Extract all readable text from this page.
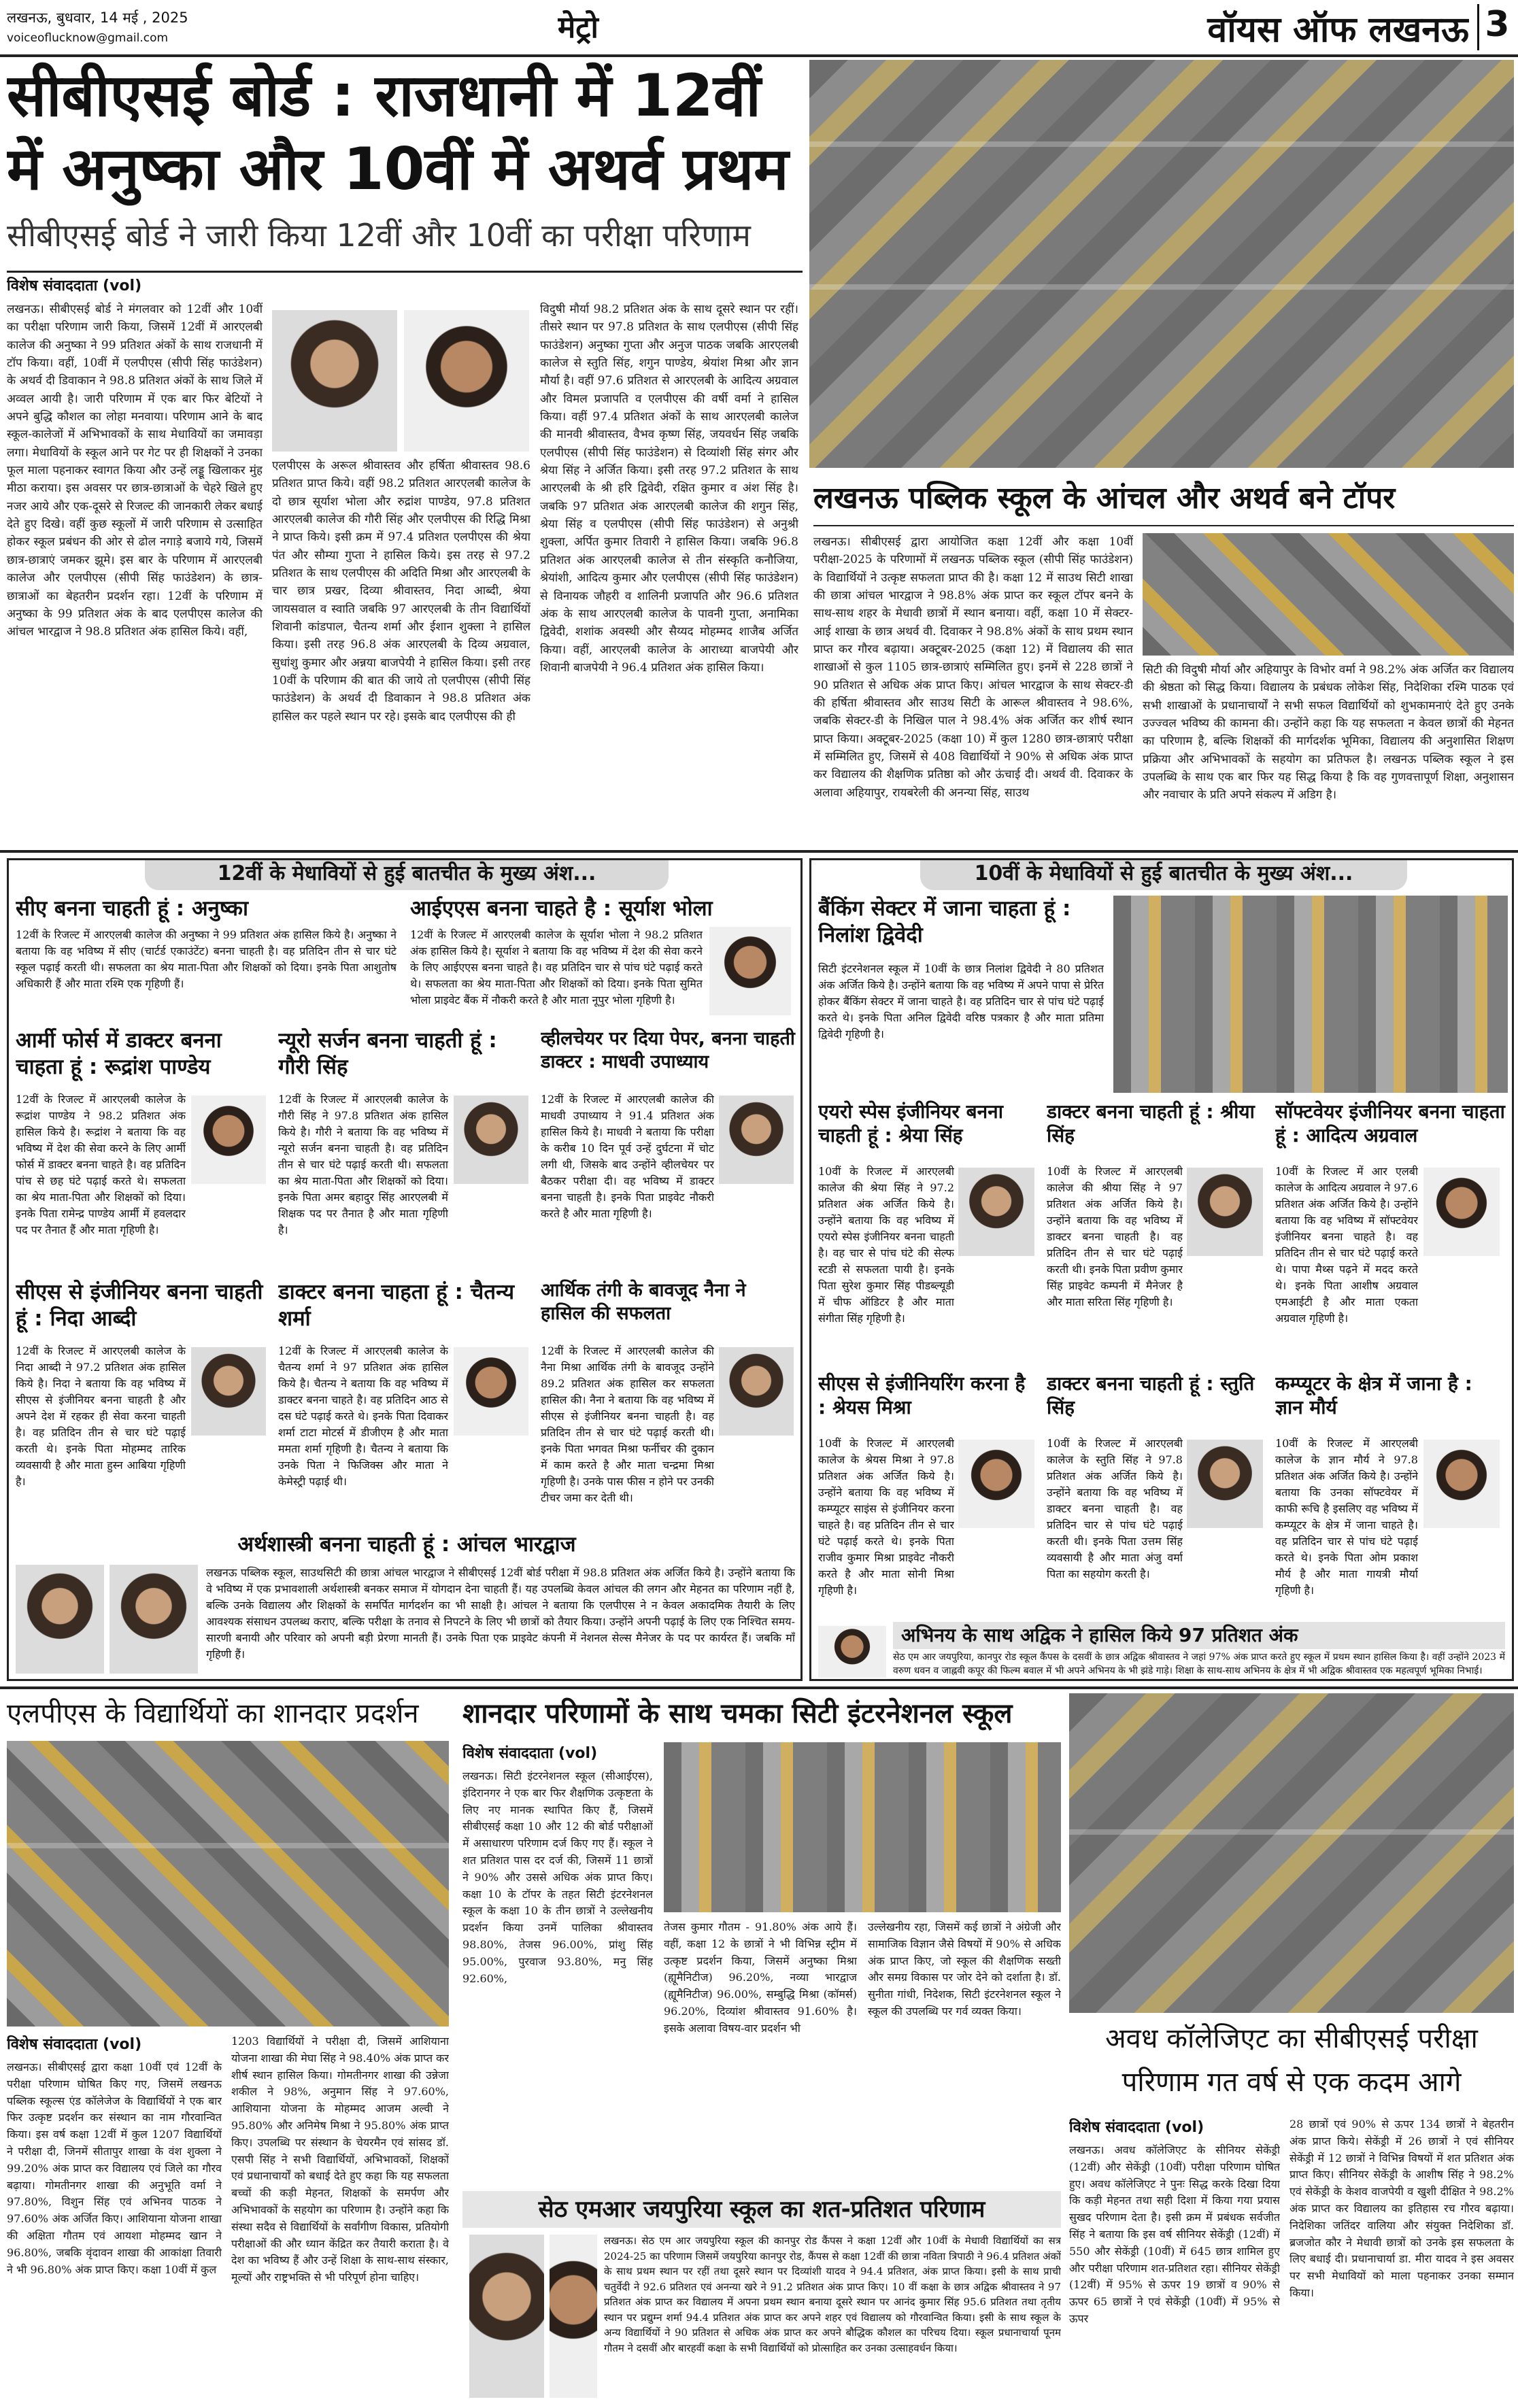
लखनऊ, बुधवार, 14 मई , 2025
voiceoflucknow@gmail.com	मेट्रो	वॉयस ऑफ लखनऊ 3
सीबीएसई बोर्ड : राजधानी में 12वीं
में अनुष्का और 10वीं में अथर्व प्रथम
सीबीएसई बोर्ड ने जारी किया 12वीं और 10वीं का परीक्षा परिणाम
विशेष संवाददाता (vol)
लखनऊ। सीबीएसई बोर्ड ने मंगलवार को 12वीं और 10वीं का परीक्षा परिणाम जारी किया, जिसमें 12वीं में आरएलबी कालेज की अनुष्का ने 99 प्रतिशत अंकों के साथ राजधानी में टॉप किया। वहीं, 10वीं में एलपीएस (सीपी सिंह फाउंडेशन) के अथर्व दी डिवाकान ने 98.8 प्रतिशत अंकों के साथ जिले में अव्वल आयी है। जारी परिणाम में एक बार फिर बेटियों ने अपने बुद्धि कौशल का लोहा मनवाया। परिणाम आने के बाद स्कूल-कालेजों में अभिभावकों के साथ मेधावियों का जमावड़ा लगा। मेधावियों के स्कूल आने पर गेट पर ही शिक्षकों ने उनका फूल माला पहनाकर स्वागत किया और उन्हें लड्डू खिलाकर मुंह मीठा कराया। इस अवसर पर छात्र-छात्राओं के चेहरे खिले हुए नजर आये और एक-दूसरे से रिजल्ट की जानकारी लेकर बधाई देते हुए दिखे। वहीं कुछ स्कूलों में जारी परिणाम से उत्साहित होकर स्कूल प्रबंधन की ओर से ढोल नगाड़े बजाये गये, जिसमें छात्र-छात्राएं जमकर झूमे। इस बार के परिणाम में आरएलबी कालेज और एलपीएस (सीपी सिंह फाउंडेशन) के छात्र-छात्राओं का बेहतरीन प्रदर्शन रहा। 12वीं के परिणाम में अनुष्का के 99 प्रतिशत अंक के बाद एलपीएस कालेज की आंचल भारद्वाज ने 98.8 प्रतिशत अंक हासिल किये। वहीं,
एलपीएस के अरूल श्रीवास्तव और हर्षिता श्रीवास्तव 98.6 प्रतिशत प्राप्त किये। वहीं 98.2 प्रतिशत आरएलबी कालेज के दो छात्र सूर्याश भोला और रुद्रांश पाण्डेय, 97.8 प्रतिशत आरएलबी कालेज की गौरी सिंह और एलपीएस की रिद्धि मिश्रा ने प्राप्त किये। इसी क्रम में 97.4 प्रतिशत एलपीएस की श्रेया पंत और सौम्या गुप्ता ने हासिल किये। इस तरह से 97.2 प्रतिशत के साथ एलपीएस की अदिति मिश्रा और आरएलबी के चार छात्र प्रखर, दिव्या श्रीवास्तव, निदा आब्दी, श्रेया जायसवाल व स्वाति जबकि 97 आरएलबी के तीन विद्यार्थियों शिवानी कांडपाल, चैतन्य शर्मा और ईशान शुक्ला ने हासिल किया। इसी तरह 96.8 अंक आरएलबी के दिव्य अग्रवाल, सुधांशु कुमार और अन्नया बाजपेयी ने हासिल किया। इसी तरह 10वीं के परिणाम की बात की जाये तो एलपीएस (सीपी सिंह फाउंडेशन) के अथर्व दी डिवाकान ने 98.8 प्रतिशत अंक हासिल कर पहले स्थान पर रहे। इसके बाद एलपीएस की ही
विदुषी मौर्या 98.2 प्रतिशत अंक के साथ दूसरे स्थान पर रहीं। तीसरे स्थान पर 97.8 प्रतिशत के साथ एलपीएस (सीपी सिंह फाउंडेशन) अनुष्का गुप्ता और अनुज पाठक जबकि आरएलबी कालेज से स्तुति सिंह, शगुन पाण्डेय, श्रेयांश मिश्रा और ज्ञान मौर्या है। वहीं 97.6 प्रतिशत से आरएलबी के आदित्य अग्रवाल और विमल प्रजापति व एलपीएस की वर्षी वर्मा ने हासिल किया। वहीं 97.4 प्रतिशत अंकों के साथ आरएलबी कालेज की मानवी श्रीवास्तव, वैभव कृष्ण सिंह, जयवर्धन सिंह जबकि एलपीएस (सीपी सिंह फाउंडेशन) से दिव्यांशी सिंह संगर और श्रेया सिंह ने अर्जित किया। इसी तरह 97.2 प्रतिशत के साथ आरएलबी के श्री हरि द्विवेदी, रक्षित कुमार व अंश सिंह है। जबकि 97 प्रतिशत अंक आरएलबी कालेज की शगुन सिंह, श्रेया सिंह व एलपीएस (सीपी सिंह फाउंडेशन) से अनुश्री शुक्ला, अर्पित कुमार तिवारी ने हासिल किया। जबकि 96.8 प्रतिशत अंक आरएलबी कालेज से तीन संस्कृति कनौजिया, श्रेयांशी, आदित्य कुमार और एलपीएस (सीपी सिंह फाउंडेशन) से विनायक जौहरी व शालिनी प्रजापति और 96.6 प्रतिशत अंक के साथ आरएलबी कालेज के पावनी गुप्ता, अनामिका द्विवेदी, शशांक अवस्थी और सैय्यद मोहम्मद शाजैब अर्जित किया। वहीं, आरएलबी कालेज के आराध्या बाजपेयी और शिवानी बाजपेयी ने 96.4 प्रतिशत अंक हासिल किया।
लखनऊ पब्लिक स्कूल के आंचल और अथर्व बने टॉपर
लखनऊ। सीबीएसई द्वारा आयोजित कक्षा 12वीं और कक्षा 10वीं परीक्षा-2025 के परिणामों में लखनऊ पब्लिक स्कूल (सीपी सिंह फाउंडेशन) के विद्यार्थियों ने उत्कृष्ट सफलता प्राप्त की है। कक्षा 12 में साउथ सिटी शाखा की छात्रा आंचल भारद्वाज ने 98.8% अंक प्राप्त कर स्कूल टॉपर बनने के साथ-साथ शहर के मेधावी छात्रों में स्थान बनाया। वहीं, कक्षा 10 में सेक्टर-आई शाखा के छात्र अथर्व वी. दिवाकर ने 98.8% अंकों के साथ प्रथम स्थान प्राप्त कर गौरव बढ़ाया। अक्टूबर-2025 (कक्षा 12) में विद्यालय की सात शाखाओं से कुल 1105 छात्र-छात्राएं सम्मिलित हुए। इनमें से 228 छात्रों ने 90 प्रतिशत से अधिक अंक प्राप्त किए। आंचल भारद्वाज के साथ सेक्टर-डी की हर्षिता श्रीवास्तव और साउथ सिटी के आरूल श्रीवास्तव ने 98.6%, जबकि सेक्टर-डी के निखिल पाल ने 98.4% अंक अर्जित कर शीर्ष स्थान प्राप्त किया। अक्टूबर-2025 (कक्षा 10) में कुल 1280 छात्र-छात्राएं परीक्षा में सम्मिलित हुए, जिसमें से 408 विद्यार्थियों ने 90% से अधिक अंक प्राप्त कर विद्यालय की शैक्षणिक प्रतिष्ठा को और ऊंचाई दी। अथर्व वी. दिवाकर के अलावा अहियापुर, रायबरेली की अनन्या सिंह, साउथ
सिटी की विदुषी मौर्या और अहियापुर के विभोर वर्मा ने 98.2% अंक अर्जित कर विद्यालय की श्रेष्ठता को सिद्ध किया। विद्यालय के प्रबंधक लोकेश सिंह, निदेशिका रश्मि पाठक एवं सभी शाखाओं के प्रधानाचार्यों ने सभी सफल विद्यार्थियों को शुभकामनाएं देते हुए उनके उज्ज्वल भविष्य की कामना की। उन्होंने कहा कि यह सफलता न केवल छात्रों की मेहनत का परिणाम है, बल्कि शिक्षकों की मार्गदर्शक भूमिका, विद्यालय की अनुशासित शिक्षण प्रक्रिया और अभिभावकों के सहयोग का प्रतिफल है। लखनऊ पब्लिक स्कूल ने इस उपलब्धि के साथ एक बार फिर यह सिद्ध किया है कि वह गुणवत्तापूर्ण शिक्षा, अनुशासन और नवाचार के प्रति अपने संकल्प में अडिग है।
12वीं के मेधावियों से हुई बातचीत के मुख्य अंश...
सीए बनना चाहती हूं : अनुष्का
12वीं के रिजल्ट में आरएलबी कालेज की अनुष्का ने 99 प्रतिशत अंक हासिल किये है। अनुष्का ने बताया कि वह भविष्य में सीए (चार्टर्ड एकाउंटेंट) बनना चाहती है। वह प्रतिदिन तीन से चार घंटे स्कूल पढ़ाई करती थी। सफलता का श्रेय माता-पिता और शिक्षकों को दिया। इनके पिता आशुतोष अधिकारी हैं और माता रश्मि एक गृहिणी हैं।
आईएएस बनना चाहते है : सूर्याश भोला
12वीं के रिजल्ट में आरएलबी कालेज के सूर्याश भोला ने 98.2 प्रतिशत अंक हासिल किये है। सूर्याश ने बताया कि वह भविष्य में देश की सेवा करने के लिए आईएएस बनना चाहते है। वह प्रतिदिन चार से पांच घंटे पढ़ाई करते थे। सफलता का श्रेय माता-पिता और शिक्षकों को दिया। इनके पिता सुमित भोला प्राइवेट बैंक में नौकरी करते है और माता नूपुर भोला गृहिणी है।
आर्मी फोर्स में डाक्टर बनना चाहता हूं : रूद्रांश पाण्डेय
12वीं के रिजल्ट में आरएलबी कालेज के रूद्रांश पाण्डेय ने 98.2 प्रतिशत अंक हासिल किये है। रूद्रांश ने बताया कि वह भविष्य में देश की सेवा करने के लिए आर्मी फोर्स में डाक्टर बनना चाहते है। वह प्रतिदिन पांच से छह घंटे पढ़ाई करते थे। सफलता का श्रेय माता-पिता और शिक्षकों को दिया। इनके पिता रामेन्द्र पाण्डेय आर्मी में हवलदार पद पर तैनात हैं और माता गृहिणी है।
न्यूरो सर्जन बनना चाहती हूं : गौरी सिंह
12वीं के रिजल्ट में आरएलबी कालेज के गौरी सिंह ने 97.8 प्रतिशत अंक हासिल किये है। गौरी ने बताया कि वह भविष्य में न्यूरो सर्जन बनना चाहती है। वह प्रतिदिन तीन से चार घंटे पढ़ाई करती थी। सफलता का श्रेय माता-पिता और शिक्षकों को दिया। इनके पिता अमर बहादुर सिंह आरएलबी में शिक्षक पद पर तैनात है और माता गृहिणी है।
व्हीलचेयर पर दिया पेपर, बनना चाहती डाक्टर : माधवी उपाध्याय
12वीं के रिजल्ट में आरएलबी कालेज की माधवी उपाध्याय ने 91.4 प्रतिशत अंक हासिल किये है। माधवी ने बताया कि परीक्षा के करीब 10 दिन पूर्व उन्हें दुर्घटना में चोट लगी थी, जिसके बाद उन्होंने व्हीलचेयर पर बैठकर परीक्षा दी। वह भविष्य में डाक्टर बनना चाहती है। इनके पिता प्राइवेट नौकरी करते है और माता गृहिणी है।
सीएस से इंजीनियर बनना चाहती हूं : निदा आब्दी
12वीं के रिजल्ट में आरएलबी कालेज के निदा आब्दी ने 97.2 प्रतिशत अंक हासिल किये है। निदा ने बताया कि वह भविष्य में सीएस से इंजीनियर बनना चाहती है और अपने देश में रहकर ही सेवा करना चाहती है। वह प्रतिदिन तीन से चार घंटे पढ़ाई करती थे। इनके पिता मोहम्मद तारिक व्यवसायी है और माता हुस्न आबिया गृहिणी है।
डाक्टर बनना चाहता हूं : चैतन्य शर्मा
12वीं के रिजल्ट में आरएलबी कालेज के चैतन्य शर्मा ने 97 प्रतिशत अंक हासिल किये है। चैतन्य ने बताया कि वह भविष्य में डाक्टर बनना चाहते है। वह प्रतिदिन आठ से दस घंटे पढ़ाई करते थे। इनके पिता दिवाकर शर्मा टाटा मोटर्स में डीजीएम है और माता ममता शर्मा गृहिणी है। चैतन्य ने बताया कि उनके पिता ने फिजिक्स और माता ने केमेस्ट्री पढ़ाई थी।
आर्थिक तंगी के बावजूद नैना ने हासिल की सफलता
12वीं के रिजल्ट में आरएलबी कालेज की नैना मिश्रा आर्थिक तंगी के बावजूद उन्होंने 89.2 प्रतिशत अंक हासिल कर सफलता हासिल की। नैना ने बताया कि वह भविष्य में सीएस से इंजीनियर बनना चाहती है। वह प्रतिदिन तीन से चार घंटे पढ़ाई करती थी। इनके पिता भगवत मिश्रा फर्नीचर की दुकान में काम करते है और माता चन्द्रमा मिश्रा गृहिणी है। उनके पास फीस न होने पर उनकी टीचर जमा कर देती थी।
अर्थशास्त्री बनना चाहती हूं : आंचल भारद्वाज
लखनऊ पब्लिक स्कूल, साउथसिटी की छात्रा आंचल भारद्वाज ने सीबीएसई 12वीं बोर्ड परीक्षा में 98.8 प्रतिशत अंक अर्जित किये है। उन्होंने बताया कि वे भविष्य में एक प्रभावशाली अर्थशास्त्री बनकर समाज में योगदान देना चाहती हैं। यह उपलब्धि केवल आंचल की लगन और मेहनत का परिणाम नहीं है, बल्कि उनके विद्यालय और शिक्षकों के समर्पित मार्गदर्शन का भी साक्षी है। आंचल ने बताया कि एलपीएस ने न केवल अकादमिक तैयारी के लिए आवश्यक संसाधन उपलब्ध कराए, बल्कि परीक्षा के तनाव से निपटने के लिए भी छात्रों को तैयार किया। उन्होंने अपनी पढ़ाई के लिए एक निश्चित समय-सारणी बनायी और परिवार को अपनी बड़ी प्रेरणा मानती हैं। उनके पिता एक प्राइवेट कंपनी में नेशनल सेल्स मैनेजर के पद पर कार्यरत हैं। जबकि माँ गृहिणी हैं।
10वीं के मेधावियों से हुई बातचीत के मुख्य अंश...
बैंकिंग सेक्टर में जाना चाहता हूं : निलांश द्विवेदी
सिटी इंटरनेशनल स्कूल में 10वीं के छात्र निलांश द्विवेदी ने 80 प्रतिशत अंक अर्जित किये है। उन्होंने बताया कि वह भविष्य में अपने पापा से प्रेरित होकर बैंकिंग सेक्टर में जाना चाहते है। वह प्रतिदिन चार से पांच घंटे पढ़ाई करते थे। इनके पिता अनिल द्विवेदी वरिष्ठ पत्रकार है और माता प्रतिमा द्विवेदी गृहिणी है।
एयरो स्पेस इंजीनियर बनना चाहती हूं : श्रेया सिंह
10वीं के रिजल्ट में आरएलबी कालेज की श्रेया सिंह ने 97.2 प्रतिशत अंक अर्जित किये है। उन्होंने बताया कि वह भविष्य में एयरो स्पेस इंजीनियर बनना चाहती है। वह चार से पांच घंटे की सेल्फ स्टडी से सफलता पायी है। इनके पिता सुरेश कुमार सिंह पीडब्ल्यूडी में चीफ ऑडिटर है और माता संगीता सिंह गृहिणी है।
डाक्टर बनना चाहती हूं : श्रीया सिंह
10वीं के रिजल्ट में आरएलबी कालेज की श्रीया सिंह ने 97 प्रतिशत अंक अर्जित किये है। उन्होंने बताया कि वह भविष्य में डाक्टर बनना चाहती है। वह प्रतिदिन तीन से चार घंटे पढ़ाई करती थी। इनके पिता प्रवीण कुमार सिंह प्राइवेट कम्पनी में मैनेजर है और माता सरिता सिंह गृहिणी है।
सॉफ्टवेयर इंजीनियर बनना चाहता हूं : आदित्य अग्रवाल
10वीं के रिजल्ट में आर एलबी कालेज के आदित्य अग्रवाल ने 97.6 प्रतिशत अंक अर्जित किये है। उन्होंने बताया कि वह भविष्य में सॉफ्टवेयर इंजीनियर बनना चाहते है। वह प्रतिदिन तीन से चार घंटे पढ़ाई करते थे। पापा मैथ्स पढ़ने में मदद करते थे। इनके पिता आशीष अग्रवाल एमआईटी है और माता एकता अग्रवाल गृहिणी है।
सीएस से इंजीनियरिंग करना है : श्रेयस मिश्रा
10वीं के रिजल्ट में आरएलबी कालेज के श्रेयस मिश्रा ने 97.8 प्रतिशत अंक अर्जित किये है। उन्होंने बताया कि वह भविष्य में कम्प्यूटर साइंस से इंजीनियर करना चाहते है। वह प्रतिदिन तीन से चार घंटे पढ़ाई करते थे। इनके पिता राजीव कुमार मिश्रा प्राइवेट नौकरी करते है और माता सोनी मिश्रा गृहिणी है।
डाक्टर बनना चाहती हूं : स्तुति सिंह
10वीं के रिजल्ट में आरएलबी कालेज के स्तुति सिंह ने 97.8 प्रतिशत अंक अर्जित किये है। उन्होंने बताया कि वह भविष्य में डाक्टर बनना चाहती है। वह प्रतिदिन चार से पांच घंटे पढ़ाई करती थी। इनके पिता उत्तम सिंह व्यवसायी है और माता अंजु वर्मा पिता का सहयोग करती है।
कम्प्यूटर के क्षेत्र में जाना है : ज्ञान मौर्य
10वीं के रिजल्ट में आरएलबी कालेज के ज्ञान मौर्य ने 97.8 प्रतिशत अंक अर्जित किये है। उन्होंने बताया कि उनका सॉफ्टवेयर में काफी रूचि है इसलिए वह भविष्य में कम्प्यूटर के क्षेत्र में जाना चाहते है। वह प्रतिदिन चार से पांच घंटे पढ़ाई करते थे। इनके पिता ओम प्रकाश मौर्य है और माता गायत्री मौर्या गृहिणी है।
अभिनय के साथ अद्विक ने हासिल किये 97 प्रतिशत अंक
सेठ एम आर जयपुरिया, कानपुर रोड स्कूल कैंपस के दसवीं के छात्र अद्विक श्रीवास्तव ने जहां 97% अंक प्राप्त करते हुए स्कूल में प्रथम स्थान हासिल किया है। वहीं उन्होंने 2023 में वरुण धवन व जाह्नवी कपूर की फिल्म बवाल में भी अपने अभिनय के भी झंडे गाड़े। शिक्षा के साथ-साथ अभिनय के क्षेत्र में भी अद्विक श्रीवास्तव एक महत्वपूर्ण भूमिका निभाई।
एलपीएस के विद्यार्थियों का शानदार प्रदर्शन
विशेष संवाददाता (vol)
लखनऊ। सीबीएसई द्वारा कक्षा 10वीं एवं 12वीं के परीक्षा परिणाम घोषित किए गए, जिसमें लखनऊ पब्लिक स्कूल्स एंड कॉलेजेज के विद्यार्थियों ने एक बार फिर उत्कृष्ट प्रदर्शन कर संस्थान का नाम गौरवान्वित किया। इस वर्ष कक्षा 12वीं में कुल 1207 विद्यार्थियों ने परीक्षा दी, जिनमें सीतापुर शाखा के वंश शुक्ला ने 99.20% अंक प्राप्त कर विद्यालय एवं जिले का गौरव बढ़ाया। गोमतीनगर शाखा की अनुभूति वर्मा ने 97.80%, विशुन सिंह एवं अभिनव पाठक ने 97.60% अंक अर्जित किए। आशियाना योजना शाखा की अक्षिता गौतम एवं आयशा मोहम्मद खान ने 96.80%, जबकि वृंदावन शाखा की आकांक्षा तिवारी ने भी 96.80% अंक प्राप्त किए। कक्षा 10वीं में कुल
1203 विद्यार्थियों ने परीक्षा दी, जिसमें आशियाना योजना शाखा की मेघा सिंह ने 98.40% अंक प्राप्त कर शीर्ष स्थान हासिल किया। गोमतीनगर शाखा की उन्नेजा शकील ने 98%, अनुमान सिंह ने 97.60%, आशियाना योजना के मोहम्मद आजम अल्वी ने 95.80% और अनिमेष मिश्रा ने 95.80% अंक प्राप्त किए। उपलब्धि पर संस्थान के चेयरमैन एवं सांसद डॉ. एसपी सिंह ने सभी विद्यार्थियों, अभिभावकों, शिक्षकों एवं प्रधानाचार्यों को बधाई देते हुए कहा कि यह सफलता बच्चों की कड़ी मेहनत, शिक्षकों के समर्पण और अभिभावकों के सहयोग का परिणाम है। उन्होंने कहा कि संस्था सदैव से विद्यार्थियों के सर्वांगीण विकास, प्रतियोगी परीक्षाओं की और ध्यान केंद्रित कर तैयारी कराता है। वे देश का भविष्य हैं और उन्हें शिक्षा के साथ-साथ संस्कार, मूल्यों और राष्ट्रभक्ति से भी परिपूर्ण होना चाहिए।
शानदार परिणामों के साथ चमका सिटी इंटरनेशनल स्कूल
विशेष संवाददाता (vol)
लखनऊ। सिटी इंटरनेशनल स्कूल (सीआईएस), इंदिरानगर ने एक बार फिर शैक्षणिक उत्कृष्टता के लिए नए मानक स्थापित किए हैं, जिसमें सीबीएसई कक्षा 10 और 12 की बोर्ड परीक्षाओं में असाधारण परिणाम दर्ज किए गए हैं। स्कूल ने शत प्रतिशत पास दर दर्ज की, जिसमें 11 छात्रों ने 90% और उससे अधिक अंक प्राप्त किए। कक्षा 10 के टॉपर के तहत सिटी इंटरनेशनल स्कूल के कक्षा 10 के तीन छात्रों ने उल्लेखनीय प्रदर्शन किया उनमें पालिका श्रीवास्तव 98.80%, तेजस 96.00%, प्रांशु सिंह 95.00%, पुरवाज 93.80%, मनु सिंह 92.60%,
तेजस कुमार गौतम - 91.80% अंक आये हैं। वहीं, कक्षा 12 के छात्रों ने भी विभिन्न स्ट्रीम में उत्कृष्ट प्रदर्शन किया, जिसमें अनुष्का मिश्रा (ह्यूमैनिटीज) 96.20%, नव्या भारद्वाज (ह्यूमैनिटीज) 96.00%, सम्बुद्धि मिश्रा (कॉमर्स) 96.20%, दिव्यांश श्रीवास्तव 91.60% है। इसके अलावा विषय-वार प्रदर्शन भी
उल्लेखनीय रहा, जिसमें कई छात्रों ने अंग्रेजी और सामाजिक विज्ञान जैसे विषयों में 90% से अधिक अंक प्राप्त किए, जो स्कूल की शैक्षणिक सख्ती और समग्र विकास पर जोर देने को दर्शाता है। डॉ. सुनीता गांधी, निदेशक, सिटी इंटरनेशनल स्कूल ने स्कूल की उपलब्धि पर गर्व व्यक्त किया।
सेठ एमआर जयपुरिया स्कूल का शत-प्रतिशत परिणाम
लखनऊ। सेठ एम आर जयपुरिया स्कूल की कानपुर रोड कैंपस ने कक्षा 12वीं और 10वीं के मेधावी विद्यार्थियों का सत्र 2024-25 का परिणाम जिसमें जयपुरिया कानपुर रोड, कैंपस से कक्षा 12वीं की छात्रा नविता त्रिपाठी ने 96.4 प्रतिशत अंकों के साथ प्रथम स्थान पर रहीं तथा दूसरे स्थान पर दिव्यांशी यादव ने 94.4 प्रतिशत, अंक प्राप्त किया। इसी के साथ प्राची चतुर्वेदी ने 92.6 प्रतिशत एवं अनन्या खरे ने 91.2 प्रतिशत अंक प्राप्त किए। 10 वीं कक्षा के छात्र अद्विक श्रीवास्तव ने 97 प्रतिशत अंक प्राप्त कर विद्यालय में अपना प्रथम स्थान बनाया दूसरे स्थान पर आनंद कुमार सिंह 95.6 प्रतिशत तथा तृतीय स्थान पर प्रद्युम्न शर्मा 94.4 प्रतिशत अंक प्राप्त कर अपने शहर एवं विद्यालय को गौरवान्वित किया। इसी के साथ स्कूल के अन्य विद्यार्थियों ने 90 प्रतिशत से अधिक अंक प्राप्त कर अपने बौद्धिक कौशल का परिचय दिया। स्कूल प्रधानाचार्या पूनम गौतम ने दसवीं और बारहवीं कक्षा के सभी विद्यार्थियों को प्रोत्साहित कर उनका उत्साहवर्धन किया।
अवध कॉलेजिएट का सीबीएसई परीक्षा
परिणाम गत वर्ष से एक कदम आगे
विशेष संवाददाता (vol)
लखनऊ। अवध कॉलेजिएट के सीनियर सेकेंड्री (12वीं) और सेकेंड्री (10वीं) परीक्षा परिणाम घोषित हुए। अवध कॉलेजिएट ने पुनः सिद्ध करके दिखा दिया कि कड़ी मेहनत तथा सही दिशा में किया गया प्रयास सुखद परिणाम देता है। इसी क्रम में प्रबंधक सर्वजीत सिंह ने बताया कि इस वर्ष सीनियर सेकेंड्री (12वीं) में 550 और सेकेंड्री (10वीं) में 645 छात्र शामिल हुए और परीक्षा परिणाम शत-प्रतिशत रहा। सीनियर सेकेंड्री (12वीं) में 95% से ऊपर 19 छात्रों व 90% से ऊपर 65 छात्रों ने एवं सेकेंड्री (10वीं) में 95% से ऊपर
28 छात्रों एवं 90% से ऊपर 134 छात्रों ने बेहतरीन अंक प्राप्त किये। सेकेंड्री में 26 छात्रों ने एवं सीनियर सेकेंड्री में 12 छात्रों ने विभिन्न विषयों में शत प्रतिशत अंक प्राप्त किए। सीनियर सेकेंड्री के आशीष सिंह ने 98.2% एवं सेकेंड्री के केशव वाजपेयी व खुशी दीक्षित ने 98.2% अंक प्राप्त कर विद्यालय का इतिहास रच गौरव बढ़ाया। निदेशिका जतिंदर वालिया और संयुक्त निदेशिका डॉ. ब्रजजोत कौर ने मेधावी छात्रों को उनके इस सफलता के लिए बधाई दी। प्रधानाचार्या डा. मीरा यादव ने इस अवसर पर सभी मेधावियों को माला पहनाकर उनका सम्मान किया।
